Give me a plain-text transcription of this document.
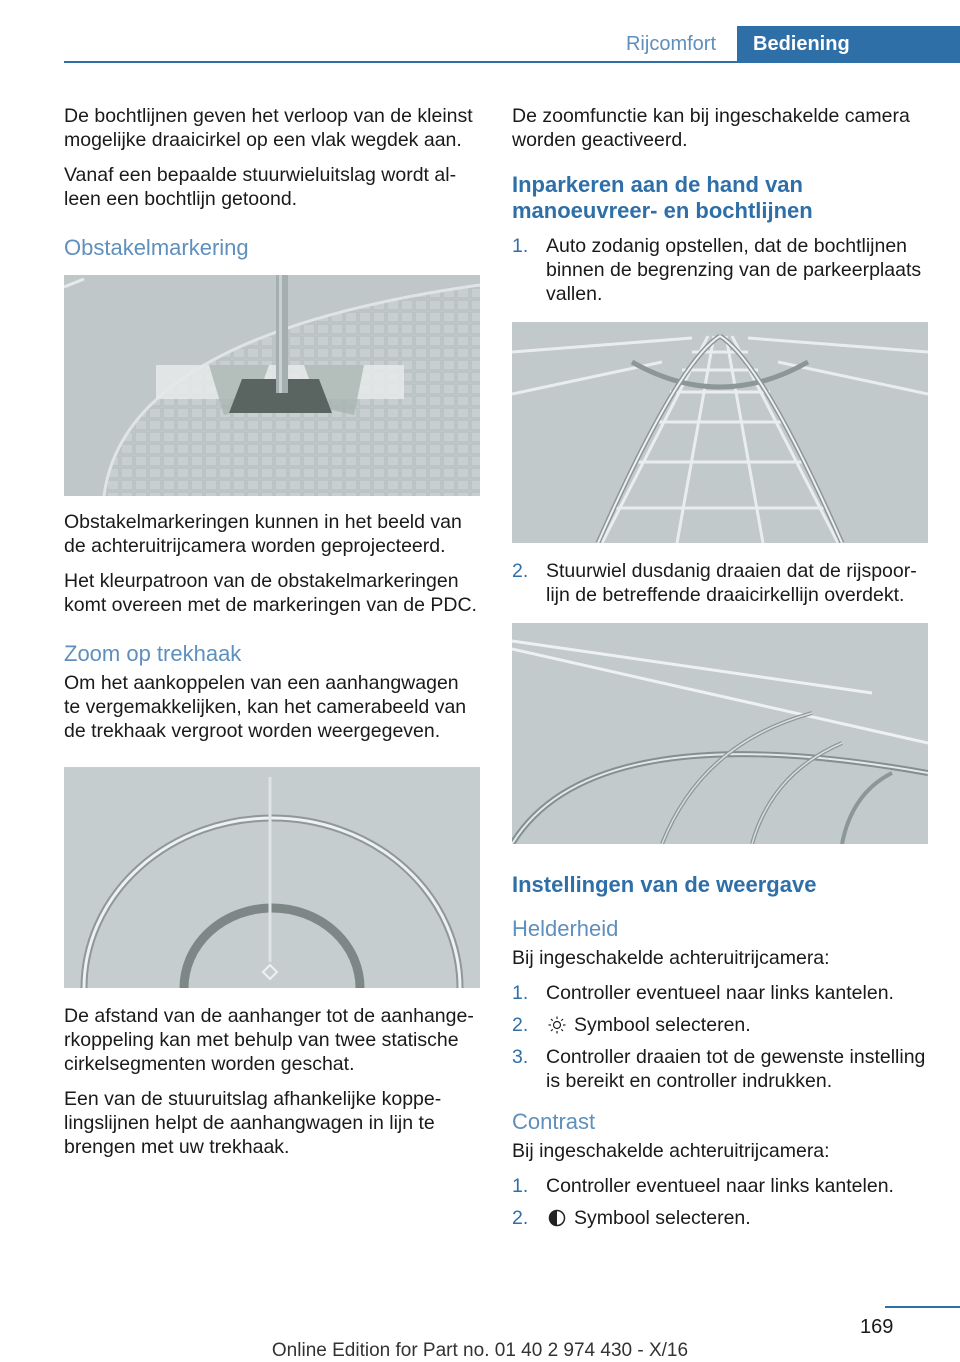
Rijcomfort	Bediening

De bochtlijnen geven het verloop van de kleinst mogelijke draaicirkel op een vlak wegdek aan.

Vanaf een bepaalde stuurwieluitslag wordt alleen een bochtlijn getoond.

Obstakelmarkering

Obstakelmarkeringen kunnen in het beeld van de achteruitrijcamera worden geprojecteerd.

Het kleurpatroon van de obstakelmarkeringen komt overeen met de markeringen van de PDC.

Zoom op trekhaak

Om het aankoppelen van een aanhangwagen te vergemakkelijken, kan het camerabeeld van de trekhaak vergroot worden weergegeven.

De afstand van de aanhanger tot de aanhangerkoppeling kan met behulp van twee statische cirkelsegmenten worden geschat.

Een van de stuuruitslag afhankelijke koppelingslijnen helpt de aanhangwagen in lijn te brengen met uw trekhaak.

De zoomfunctie kan bij ingeschakelde camera worden geactiveerd.

Inparkeren aan de hand van manoeuvreer- en bochtlijnen
1. Auto zodanig opstellen, dat de bochtlijnen binnen de begrenzing van de parkeerplaats vallen.
2. Stuurwiel dusdanig draaien dat de rijspoorlijn de betreffende draaicirkellijn overdekt.
Instellingen van de weergave
Helderheid

Bij ingeschakelde achteruitrijcamera:

1. Controller eventueel naar links kantelen.
2. Symbool selecteren.
3. Controller draaien tot de gewenste instelling is bereikt en controller indrukken.
Contrast

Bij ingeschakelde achteruitrijcamera:

1. Controller eventueel naar links kantelen.
2. Symbool selecteren.
169
Online Edition for Part no. 01 40 2 974 430 - X/16
